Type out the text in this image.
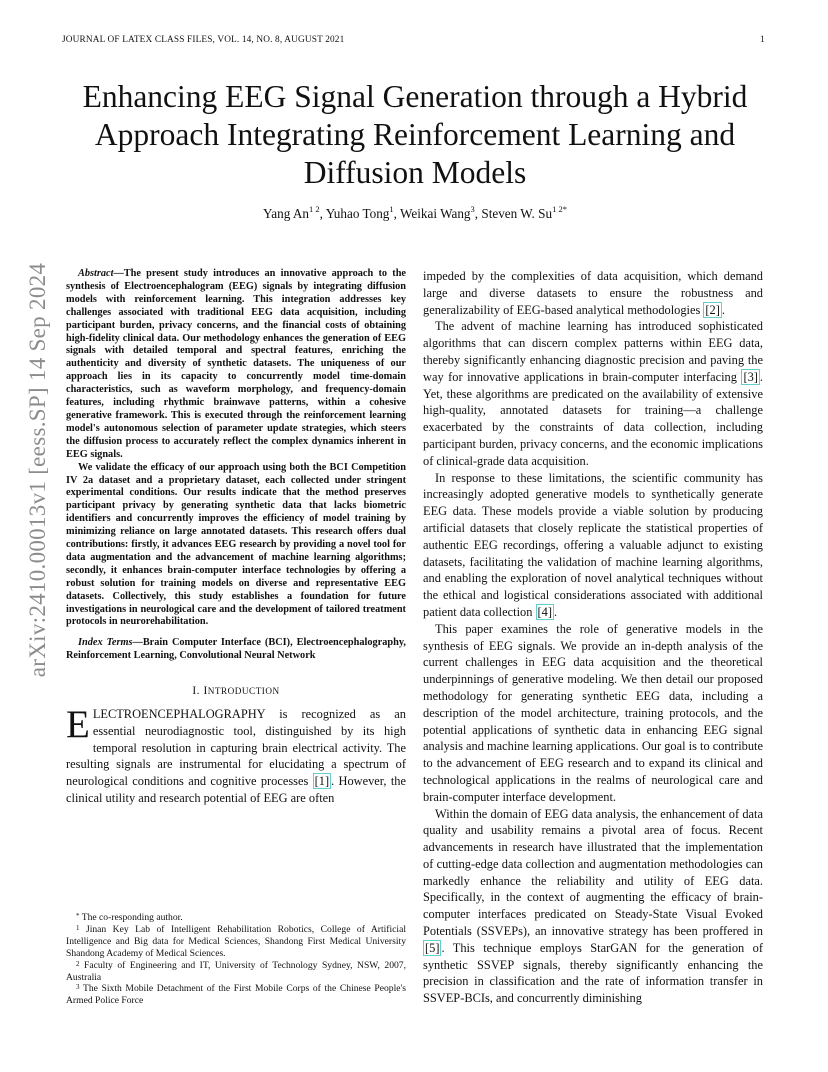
JOURNAL OF LATEX CLASS FILES, VOL. 14, NO. 8, AUGUST 2021	1
Enhancing EEG Signal Generation through a Hybrid Approach Integrating Reinforcement Learning and Diffusion Models
Yang $An^{1 2}$, Yuhao Tong$^1$, Weikai Wang$^3$, Steven W. $Su^{1 2*}$
arXiv:2410.00013v1 [eess.SP] 14 Sep 2024	Abstract—The present study introduces an innovative approach to the synthesis of Electroencephalogram (EEG) signals by integrating diffusion models with reinforcement learning. This integration addresses key challenges associated with traditional EEG data acquisition, including participant burden, privacy concerns, and the financial costs of obtaining high-fidelity clinical data. Our methodology enhances the generation of EEG signals with detailed temporal and spectral features, enriching the authenticity and diversity of synthetic datasets. The uniqueness of our approach lies in its capacity to concurrently model time-domain characteristics, such as waveform morphology, and frequency-domain features, including rhythmic brainwave patterns, within a cohesive generative framework. This is executed through the reinforcement learning model's autonomous selection of parameter update strategies, which steers the diffusion process to accurately reflect the complex dynamics inherent in EEG signals.

We validate the efficacy of our approach using both the BCI Competition IV 2a dataset and a proprietary dataset, each collected under stringent experimental conditions. Our results indicate that the method preserves participant privacy by generating synthetic data that lacks biometric identifiers and concurrently improves the efficiency of model training by minimizing reliance on large annotated datasets. This research offers dual contributions: firstly, it advances EEG research by providing a novel tool for data augmentation and the advancement of machine learning algorithms; secondly, it enhances brain-computer interface technologies by offering a robust solution for training models on diverse and representative EEG datasets. Collectively, this study establishes a foundation for future investigations in neurological care and the development of tailored treatment protocols in neurorehabilitation.

Index Terms—Brain Computer Interface (BCI), Electroencephalography, Reinforcement Learning, Convolutional Neural Network
I. INTRODUCTION

ELECTROENCEPHALOGRAPHY is recognized as an essential neurodiagnostic tool, distinguished by its high temporal resolution in capturing brain electrical activity. The resulting signals are instrumental for elucidating a spectrum of neurological conditions and cognitive processes [1] . However, the clinical utility and research potential of EEG are often

* The co-responding author.

$^1$ Jinan Key Lab of Intelligent Rehabilitation Robotics, College of Artificial Intelligence and Big data for Medical Sciences, Shandong First Medical University Shandong Academy of Medical Sciences.

$^2$ Faculty of Engineering and IT, University of Technology Sydney, NSW, 2007, Australia

$^3$ The Sixth Mobile Detachment of the First Mobile Corps of the Chinese People's Armed Police Force

impeded by the complexities of data acquisition, which demand large and diverse datasets to ensure the robustness and generalizability of EEG-based analytical methodologies [2] .

The advent of machine learning has introduced sophisticated algorithms that can discern complex patterns within EEG data, thereby significantly enhancing diagnostic precision and paving the way for innovative applications in brain-computer interfacing [3] . Yet, these algorithms are predicated on the availability of extensive high-quality, annotated datasets for training—a challenge exacerbated by the constraints of data collection, including participant burden, privacy concerns, and the economic implications of clinical-grade data acquisition.

In response to these limitations, the scientific community has increasingly adopted generative models to synthetically generate EEG data. These models provide a viable solution by producing artificial datasets that closely replicate the statistical properties of authentic EEG recordings, offering a valuable adjunct to existing datasets, facilitating the validation of machine learning algorithms, and enabling the exploration of novel analytical techniques without the ethical and logistical considerations associated with additional patient data collection [4] .

This paper examines the role of generative models in the synthesis of EEG signals. We provide an in-depth analysis of the current challenges in EEG data acquisition and the theoretical underpinnings of generative modeling. We then detail our proposed methodology for generating synthetic EEG data, including a description of the model architecture, training protocols, and the potential applications of synthetic data in enhancing EEG signal analysis and machine learning applications. Our goal is to contribute to the advancement of EEG research and to expand its clinical and technological applications in the realms of neurological care and brain-computer interface development.

Within the domain of EEG data analysis, the enhancement of data quality and usability remains a pivotal area of focus. Recent advancements in research have illustrated that the implementation of cutting-edge data collection and augmentation methodologies can markedly enhance the reliability and utility of EEG data. Specifically, in the context of augmenting the efficacy of brain-computer interfaces predicated on Steady-State Visual Evoked Potentials (SSVEPs), an innovative strategy has been proffered in [5] . This technique employs StarGAN for the generation of synthetic SSVEP signals, thereby significantly enhancing the precision in classification and the rate of information transfer in SSVEP-BCIs, and concurrently diminishing
